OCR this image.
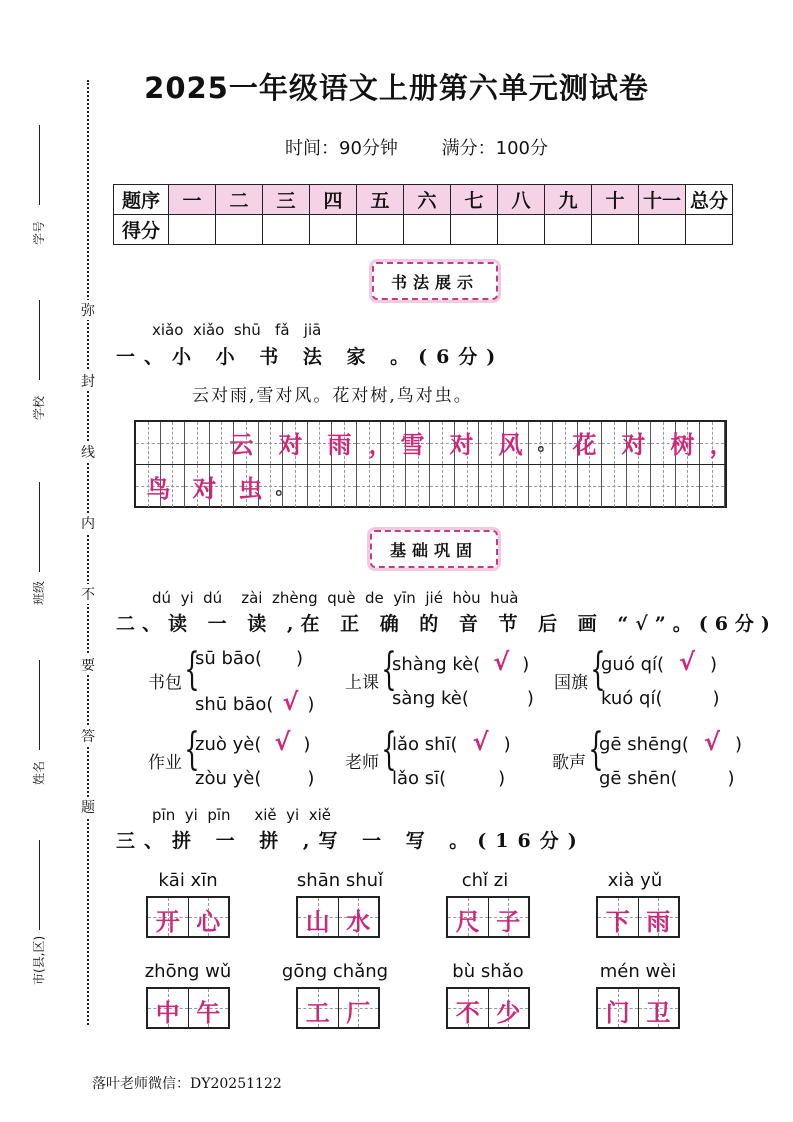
学号
学校
班级
姓名
市(县,区)
弥
封
线
内
不
要
答
题
2025一年级语文上册第六单元测试卷
时间：90分钟 满分：100分
题序	一	二	三	四	五	六	七	八	九	十	十一	总分
得分												
书法展示
xiǎo  xiǎo  shū   fǎ   jiā
一、小 小 书 法 家 。(6分)
云对雨,雪对风。花对树,鸟对虫。
云	对	雨 ， 雪	对	风 。 花	对	树 ，
鸟 对 虫 。
基础巩固
dú  yi  dú    zài  zhèng  què  de  yīn  jié  hòu  huà
二、读 一 读 ,在 正 确 的 音 节 后 画 “√”。(6分)
书包 {
sū bāo( )
shū bāo( √ )
上课 {
shàng kè( √ )
sàng kè(	)
国旗 {
guó qí( √ )
kuó qí(	)
作业 {
zuò yè( √ )
zòu yè(	)
老师 {
lǎo shī( √ )
lǎo sī(	)
歌声 {
gē shēng( √ )
gē shēn(	)
pīn  yi  pīn     xiě  yi  xiě
三、拼 一 拼 ,写 一 写 。(16分)
kāi xīn
开 心
shān shuǐ
山 水
chǐ zi
尺 子
xià yǔ
下 雨
zhōng wǔ
中 午
gōng chǎng
工 厂
bù shǎo
不 少
mén wèi
门 卫
落叶老师微信：DY20251122
